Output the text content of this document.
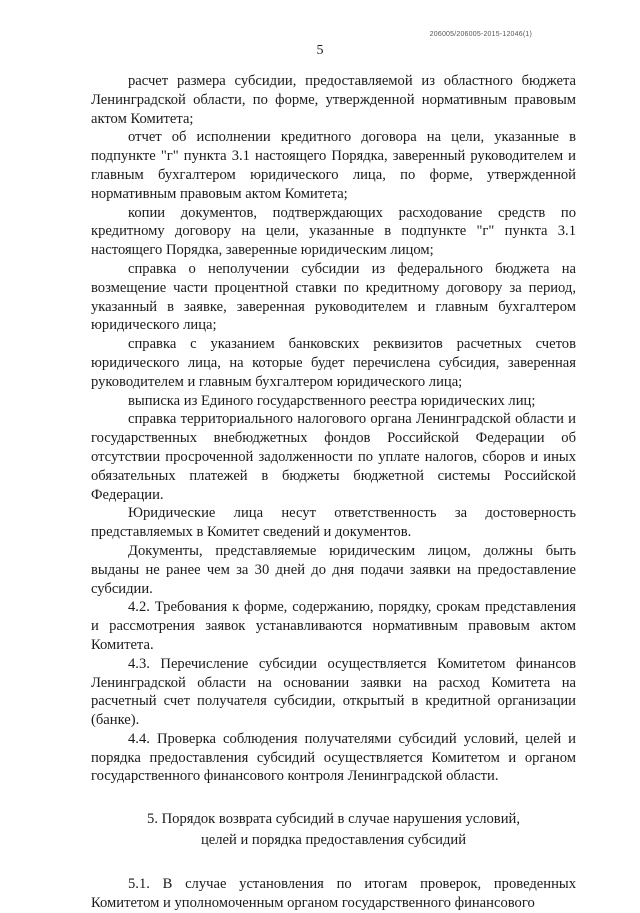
206005/206005-2015-12046(1)
5

расчет размера субсидии, предоставляемой из областного бюджета Ленинградской области, по форме, утвержденной нормативным правовым актом Комитета;

отчет об исполнении кредитного договора на цели, указанные в подпункте "г" пункта 3.1 настоящего Порядка, заверенный руководителем и главным бухгалтером юридического лица, по форме, утвержденной нормативным правовым актом Комитета;

копии документов, подтверждающих расходование средств по кредитному договору на цели, указанные в подпункте "г" пункта 3.1 настоящего Порядка, заверенные юридическим лицом;

справка о неполучении субсидии из федерального бюджета на возмещение части процентной ставки по кредитному договору за период, указанный в заявке, заверенная руководителем и главным бухгалтером юридического лица;

справка с указанием банковских реквизитов расчетных счетов юридического лица, на которые будет перечислена субсидия, заверенная руководителем и главным бухгалтером юридического лица;

выписка из Единого государственного реестра юридических лиц;

справка территориального налогового органа Ленинградской области и государственных внебюджетных фондов Российской Федерации об отсутствии просроченной задолженности по уплате налогов, сборов и иных обязательных платежей в бюджеты бюджетной системы Российской Федерации.

Юридические лица несут ответственность за достоверность представляемых в Комитет сведений и документов.

Документы, представляемые юридическим лицом, должны быть выданы не ранее чем за 30 дней до дня подачи заявки на предоставление субсидии.

4.2. Требования к форме, содержанию, порядку, срокам представления и рассмотрения заявок устанавливаются нормативным правовым актом Комитета.

4.3. Перечисление субсидии осуществляется Комитетом финансов Ленинградской области на основании заявки на расход Комитета на расчетный счет получателя субсидии, открытый в кредитной организации (банке).

4.4. Проверка соблюдения получателями субсидий условий, целей и порядка предоставления субсидий осуществляется Комитетом и органом государственного финансового контроля Ленинградской области.

5. Порядок возврата субсидий в случае нарушения условий,
целей и порядка предоставления субсидий

5.1. В случае установления по итогам проверок, проведенных Комитетом и уполномоченным органом государственного финансового
